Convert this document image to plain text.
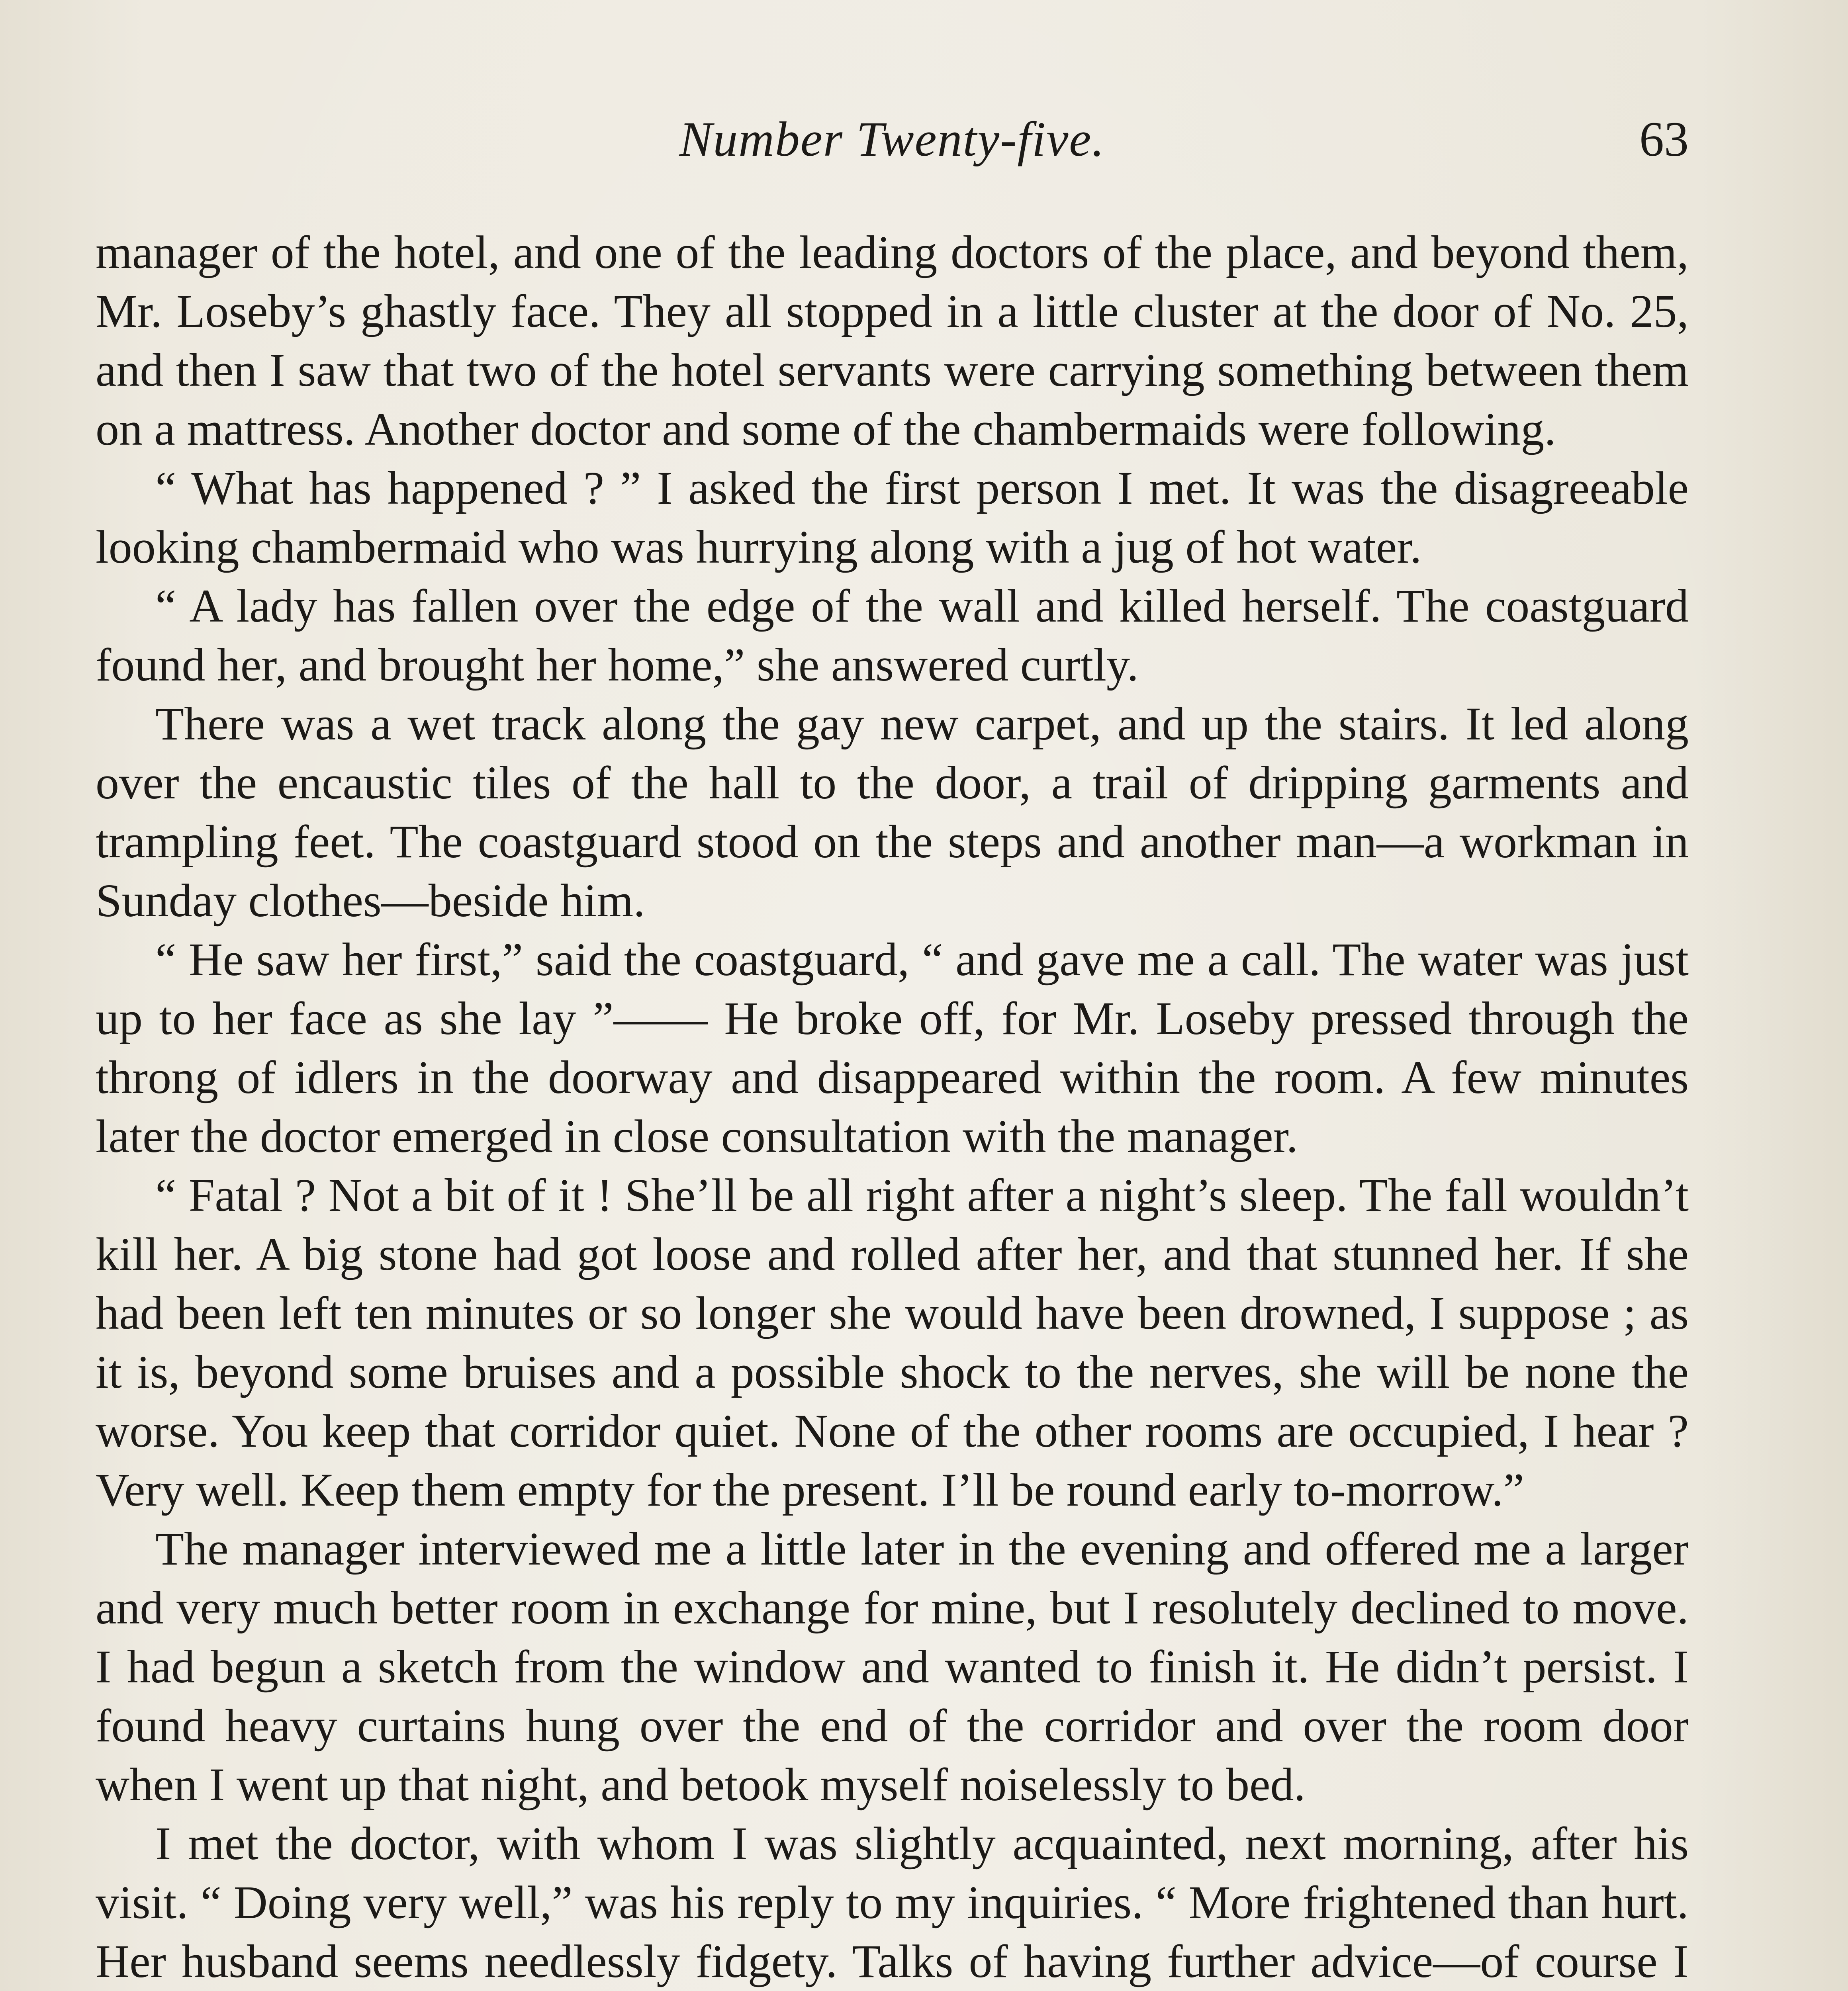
Number Twenty-five.	63

manager of the hotel, and one of the leading doctors of the place, and beyond them, Mr. Loseby’s ghastly face. They all stopped in a little cluster at the door of No. 25, and then I saw that two of the hotel servants were carrying something between them on a mattress. Another doctor and some of the chambermaids were following.

“ What has happened ? ” I asked the first person I met. It was the disagreeable looking chambermaid who was hurrying along with a jug of hot water.

“ A lady has fallen over the edge of the wall and killed herself. The coastguard found her, and brought her home,” she answered curtly.

There was a wet track along the gay new carpet, and up the stairs. It led along over the encaustic tiles of the hall to the door, a trail of dripping garments and trampling feet. The coastguard stood on the steps and another man—a workman in Sunday clothes—beside him.

“ He saw her first,” said the coastguard, “ and gave me a call. The water was just up to her face as she lay ”—— He broke off, for Mr. Loseby pressed through the throng of idlers in the doorway and disappeared within the room. A few minutes later the doctor emerged in close consultation with the manager.

“ Fatal ? Not a bit of it ! She’ll be all right after a night’s sleep. The fall wouldn’t kill her. A big stone had got loose and rolled after her, and that stunned her. If she had been left ten minutes or so longer she would have been drowned, I suppose ; as it is, beyond some bruises and a possible shock to the nerves, she will be none the worse. You keep that corridor quiet. None of the other rooms are occupied, I hear ? Very well. Keep them empty for the present. I’ll be round early to-morrow.”

The manager interviewed me a little later in the evening and offered me a larger and very much better room in exchange for mine, but I resolutely declined to move. I had begun a sketch from the window and wanted to finish it. He didn’t persist. I found heavy curtains hung over the end of the corridor and over the room door when I went up that night, and betook myself noiselessly to bed.

I met the doctor, with whom I was slightly acquainted, next morning, after his visit. “ Doing very well,” was his reply to my inquiries. “ More frightened than hurt. Her husband seems needlessly fidgety. Talks of having further advice—of course I
